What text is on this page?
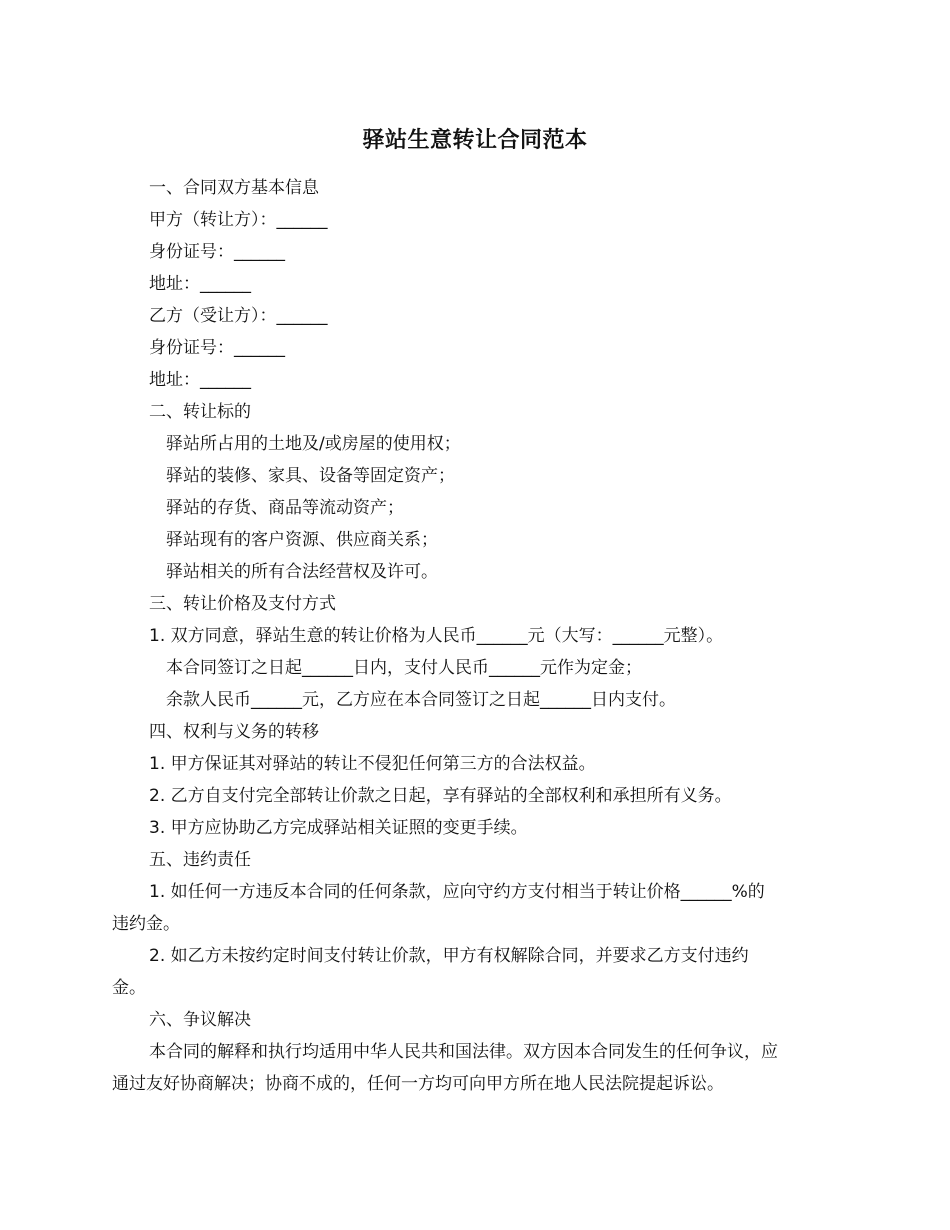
驿站生意转让合同范本
一、合同双方基本信息
甲方（转让方）：______
身份证号：______
地址：______
乙方（受让方）：______
身份证号：______
地址：______
二、转让标的
驿站所占用的土地及/或房屋的使用权；
驿站的装修、家具、设备等固定资产；
驿站的存货、商品等流动资产；
驿站现有的客户资源、供应商关系；
驿站相关的所有合法经营权及许可。
三、转让价格及支付方式
1. 双方同意，驿站生意的转让价格为人民币______元（大写：______元整）。
本合同签订之日起______日内，支付人民币______元作为定金；
余款人民币______元，乙方应在本合同签订之日起______日内支付。
四、权利与义务的转移
1. 甲方保证其对驿站的转让不侵犯任何第三方的合法权益。
2. 乙方自支付完全部转让价款之日起，享有驿站的全部权利和承担所有义务。
3. 甲方应协助乙方完成驿站相关证照的变更手续。
五、违约责任
1. 如任何一方违反本合同的任何条款，应向守约方支付相当于转让价格______%的
违约金。
2. 如乙方未按约定时间支付转让价款，甲方有权解除合同，并要求乙方支付违约
金。
六、争议解决
本合同的解释和执行均适用中华人民共和国法律。双方因本合同发生的任何争议，应
通过友好协商解决；协商不成的，任何一方均可向甲方所在地人民法院提起诉讼。
